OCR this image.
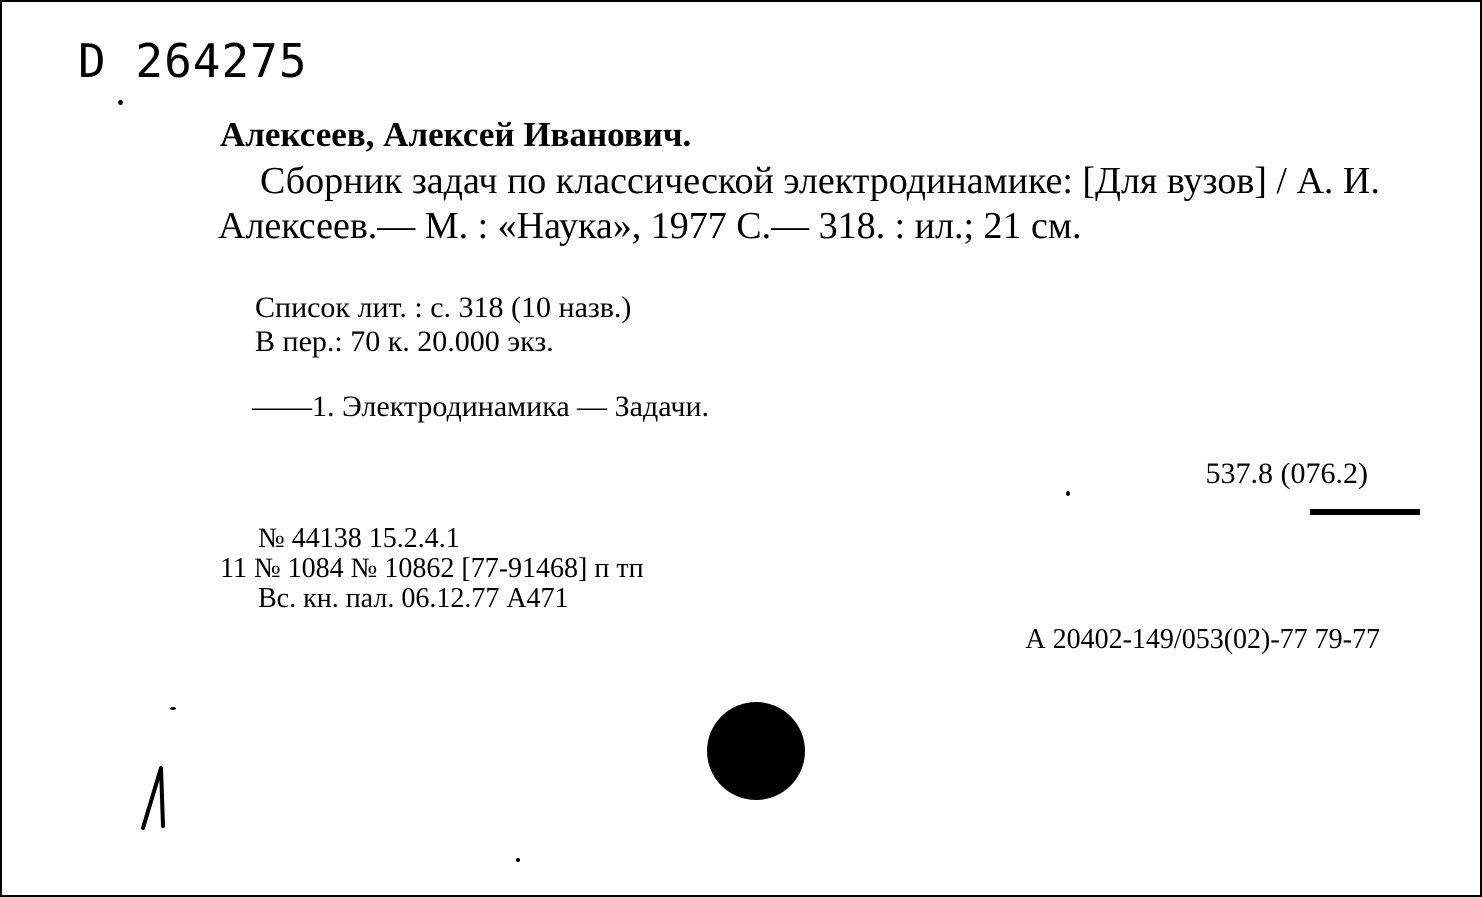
D 264275
Алексеев, Алексей Иванович.
Сборник задач по классической электродинамике: [Для вузов] / А. И. Алексеев.— М. : «Наука», 1977 С.— 318. : ил.; 21 см.
Список лит. : с. 318 (10 назв.)
В пер.: 70 к. 20.000 экз.
——1. Электродинамика — Задачи.
537.8 (076.2)
№ 44138 15.2.4.1
11 № 1084 № 10862 [77-91468] п тп
Вс. кн. пал. 06.12.77 А471
А 20402-149/053(02)-77 79-77
